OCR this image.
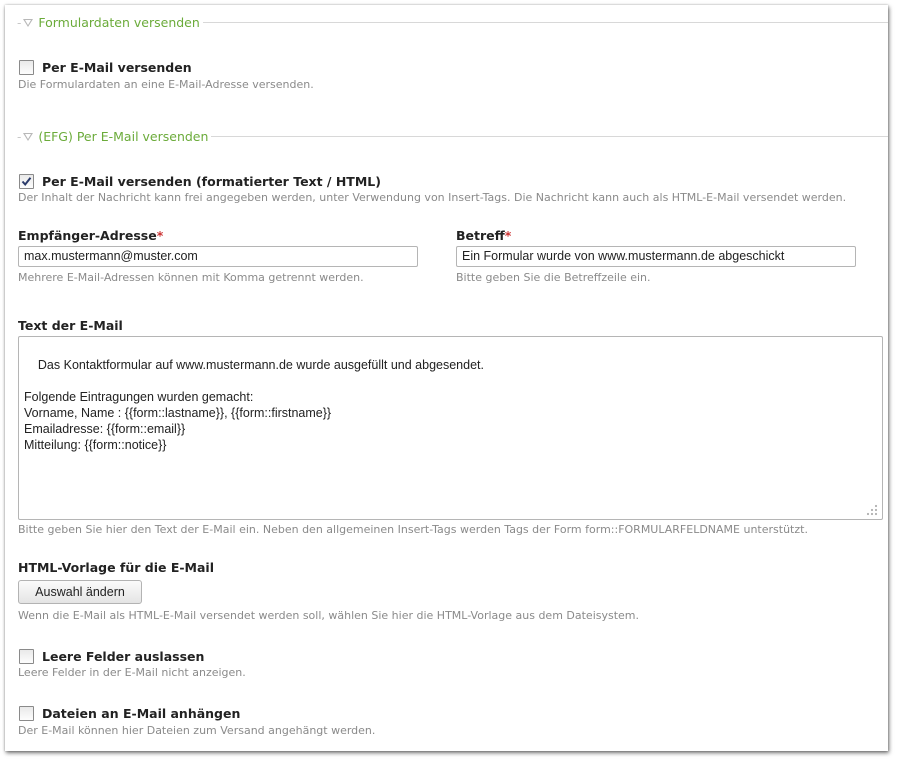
- Formulardaten versenden
Per E-Mail versenden
Die Formulardaten an eine E-Mail-Adresse versenden.
- (EFG) Per E-Mail versenden
Per E-Mail versenden (formatierter Text / HTML)
Der Inhalt der Nachricht kann frei angegeben werden, unter Verwendung von Insert-Tags. Die Nachricht kann auch als HTML-E-Mail versendet werden.
Empfänger-Adresse*
max.mustermann@muster.com
Mehrere E-Mail-Adressen können mit Komma getrennt werden.
Betreff*
Ein Formular wurde von www.mustermann.de abgeschickt
Bitte geben Sie die Betreffzeile ein.
Text der E-Mail

Das Kontaktformular auf www.mustermann.de wurde ausgefüllt und abgesendet.

Folgende Eintragungen wurden gemacht:
Vorname, Name : {{form::lastname}}, {{form::firstname}}
Emailadresse: {{form::email}}
Mitteilung: {{form::notice}}

Bitte geben Sie hier den Text der E-Mail ein. Neben den allgemeinen Insert-Tags werden Tags der Form form::FORMULARFELDNAME unterstützt.
HTML-Vorlage für die E-Mail
Auswahl ändern
Wenn die E-Mail als HTML-E-Mail versendet werden soll, wählen Sie hier die HTML-Vorlage aus dem Dateisystem.
Leere Felder auslassen
Leere Felder in der E-Mail nicht anzeigen.
Dateien an E-Mail anhängen
Der E-Mail können hier Dateien zum Versand angehängt werden.
